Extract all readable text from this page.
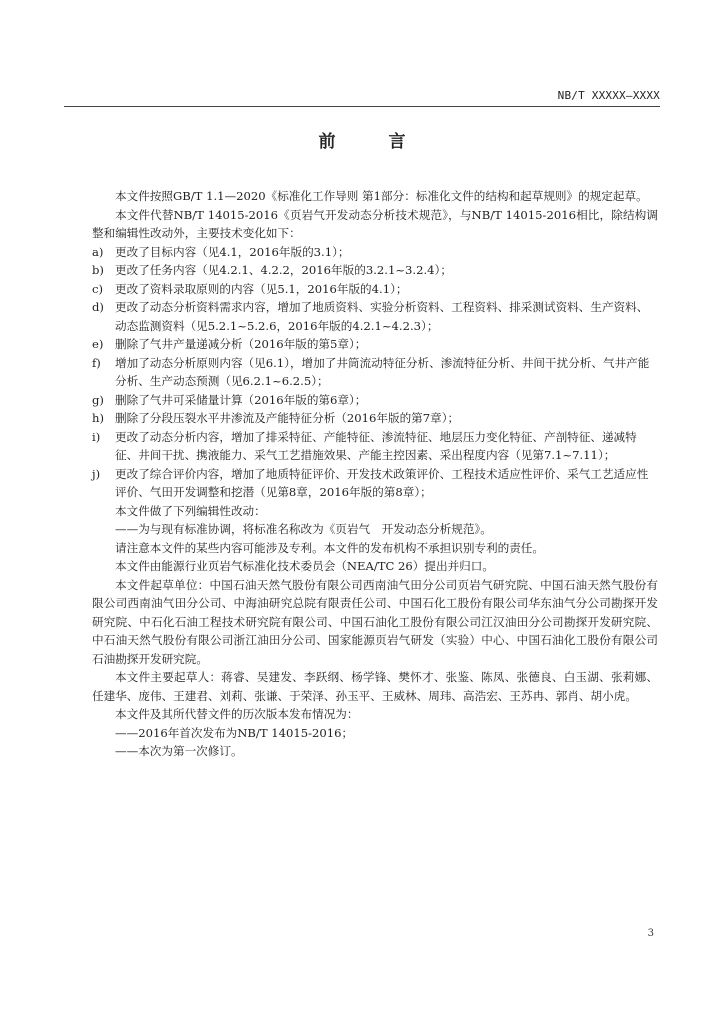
NB/T XXXXX—XXXX
前　言

本文件按照GB/T 1.1—2020《标准化工作导则 第1部分：标准化文件的结构和起草规则》的规定起草。

本文件代替NB/T 14015-2016《页岩气开发动态分析技术规范》，与NB/T 14015-2016相比，除结构调整和编辑性改动外，主要技术变化如下：

a) 更改了目标内容（见4.1，2016年版的3.1）；
b) 更改了任务内容（见4.2.1、4.2.2，2016年版的3.2.1~3.2.4）；
c)	更改了资料录取原则的内容（见5.1，2016年版的4.1）；
d) 更改了动态分析资料需求内容，增加了地质资料、实验分析资料、工程资料、排采测试资料、生产资料、动态监测资料（见5.2.1~5.2.6，2016年版的4.2.1~4.2.3）；
e)	删除了气井产量递减分析（2016年版的第5章）；
f)	增加了动态分析原则内容（见6.1），增加了井筒流动特征分析、渗流特征分析、井间干扰分析、气井产能分析、生产动态预测（见6.2.1~6.2.5）；
g) 删除了气井可采储量计算（2016年版的第6章）；
h) 删除了分段压裂水平井渗流及产能特征分析（2016年版的第7章）；
i)	更改了动态分析内容，增加了排采特征、产能特征、渗流特征、地层压力变化特征、产剖特征、递减特征、井间干扰、携液能力、采气工艺措施效果、产能主控因素、采出程度内容（见第7.1~7.11）；
j)	更改了综合评价内容，增加了地质特征评价、开发技术政策评价、工程技术适应性评价、采气工艺适应性评价、气田开发调整和挖潜（见第8章，2016年版的第8章）；

本文件做了下列编辑性改动：

——为与现有标准协调，将标准名称改为《页岩气　开发动态分析规范》。

请注意本文件的某些内容可能涉及专利。本文件的发布机构不承担识别专利的责任。

本文件由能源行业页岩气标准化技术委员会（NEA/TC 26）提出并归口。

本文件起草单位：中国石油天然气股份有限公司西南油气田分公司页岩气研究院、中国石油天然气股份有限公司西南油气田分公司、中海油研究总院有限责任公司、中国石化工股份有限公司华东油气分公司勘探开发研究院、中石化石油工程技术研究院有限公司、中国石油化工股份有限公司江汉油田分公司勘探开发研究院、中石油天然气股份有限公司浙江油田分公司、国家能源页岩气研发（实验）中心、中国石油化工股份有限公司石油勘探开发研究院。

本文件主要起草人：蒋睿、吴建发、李跃纲、杨学锋、樊怀才、张鉴、陈凤、张德良、白玉湖、张莉娜、任建华、庞伟、王建君、刘莉、张谦、于荣泽、孙玉平、王威林、周玮、高浩宏、王苏冉、郭肖、胡小虎。

本文件及其所代替文件的历次版本发布情况为：

——2016年首次发布为NB/T 14015-2016；

——本次为第一次修订。

3
